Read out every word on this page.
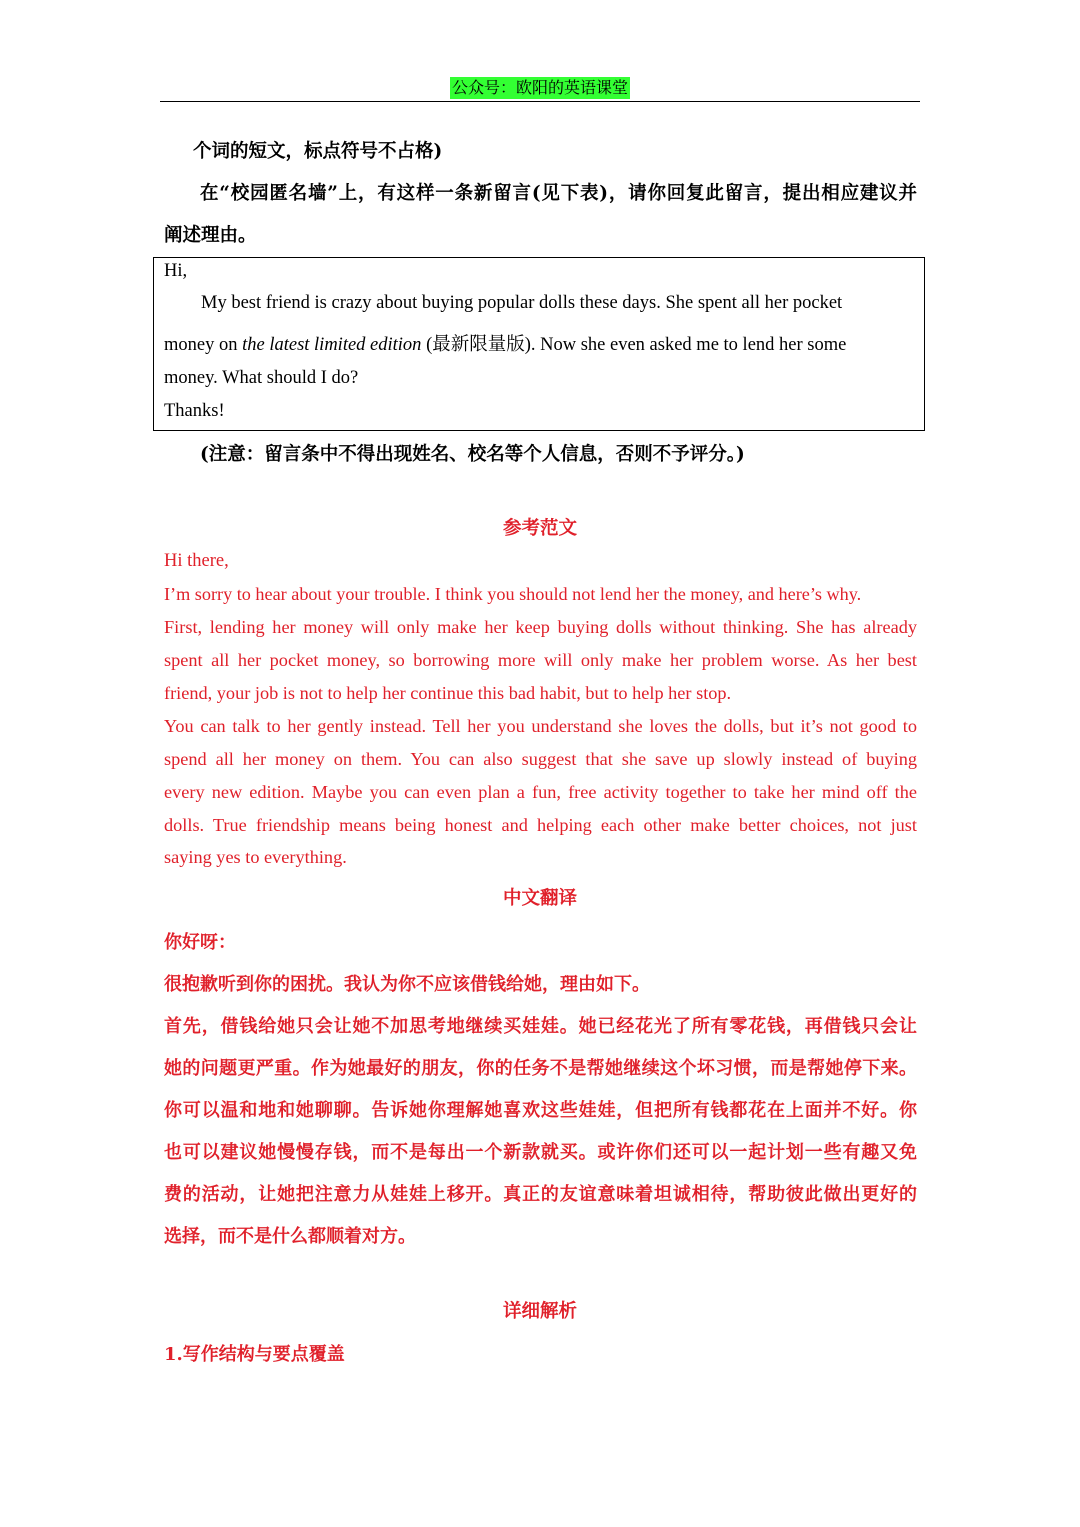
公众号：欧阳的英语课堂
个词的短文，标点符号不占格)
在“校园匿名墙”上，有这样一条新留言(见下表)，请你回复此留言，提出相应建议并
阐述理由。
Hi,
My best friend is crazy about buying popular dolls these days. She spent all her pocket
money on the latest limited edition (最新限量版). Now she even asked me to lend her some
money. What should I do?
Thanks!
(注意：留言条中不得出现姓名、校名等个人信息，否则不予评分。)
参考范文
Hi there,
I’m sorry to hear about your trouble. I think you should not lend her the money, and here’s why.
First, lending her money will only make her keep buying dolls without thinking. She has already
spent all her pocket money, so borrowing more will only make her problem worse. As her best
friend, your job is not to help her continue this bad habit, but to help her stop.
You can talk to her gently instead. Tell her you understand she loves the dolls, but it’s not good to
spend all her money on them. You can also suggest that she save up slowly instead of buying
every new edition. Maybe you can even plan a fun, free activity together to take her mind off the
dolls. True friendship means being honest and helping each other make better choices, not just
saying yes to everything.
中文翻译
你好呀：
很抱歉听到你的困扰。我认为你不应该借钱给她，理由如下。
首先，借钱给她只会让她不加思考地继续买娃娃。她已经花光了所有零花钱，再借钱只会让
她的问题更严重。作为她最好的朋友，你的任务不是帮她继续这个坏习惯，而是帮她停下来。
你可以温和地和她聊聊。告诉她你理解她喜欢这些娃娃，但把所有钱都花在上面并不好。你
也可以建议她慢慢存钱，而不是每出一个新款就买。或许你们还可以一起计划一些有趣又免
费的活动，让她把注意力从娃娃上移开。真正的友谊意味着坦诚相待，帮助彼此做出更好的
选择，而不是什么都顺着对方。
详细解析
1.写作结构与要点覆盖
